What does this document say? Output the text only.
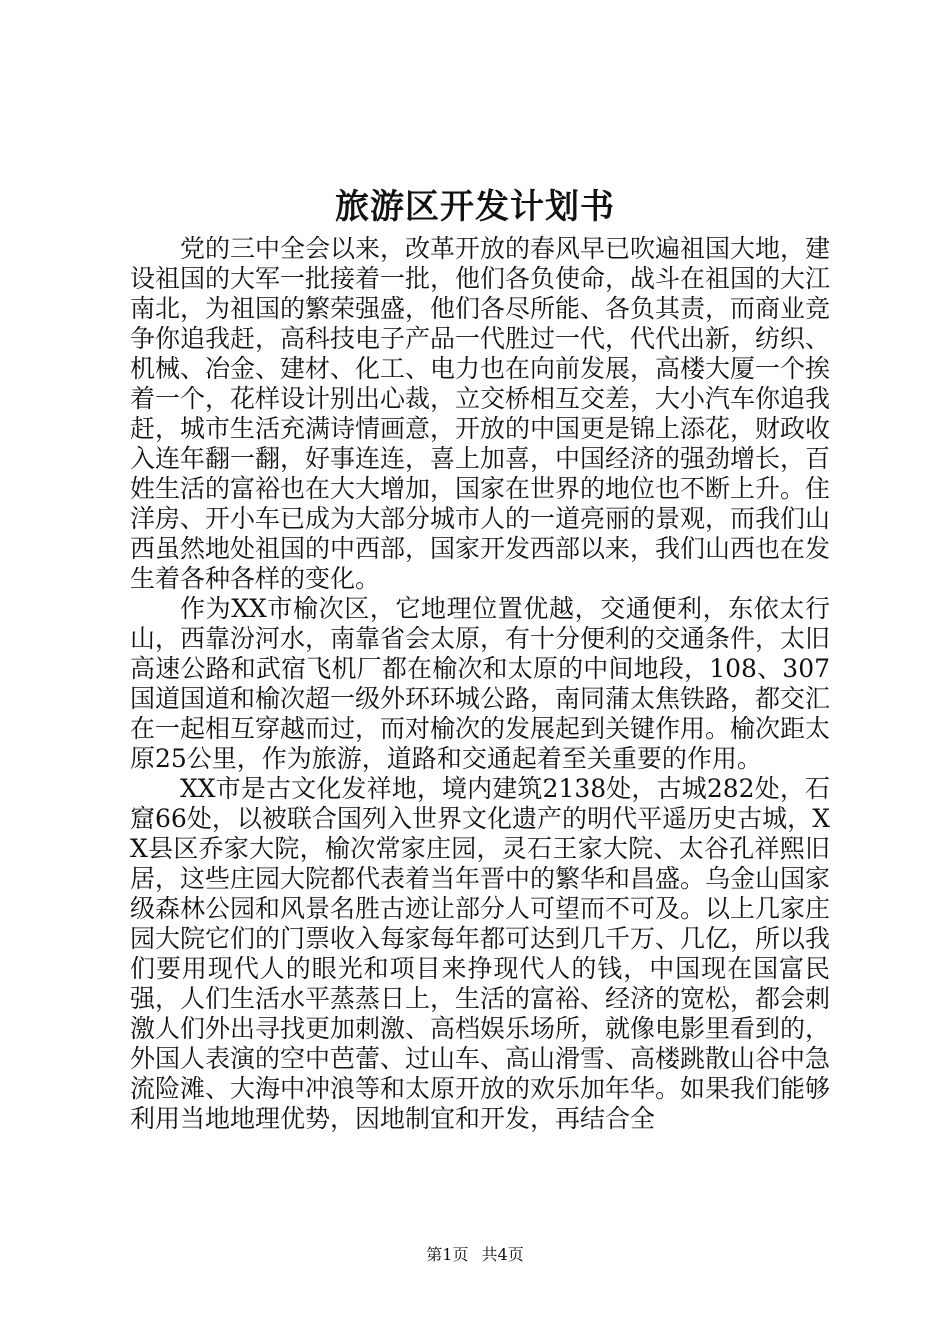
旅游区开发计划书

党的三中全会以来，改革开放的春风早已吹遍祖国大地，建设祖国的大军一批接着一批，他们各负使命，战斗在祖国的大江南北，为祖国的繁荣强盛，他们各尽所能、各负其责，而商业竞争你追我赶，高科技电子产品一代胜过一代，代代出新，纺织、机械、冶金、建材、化工、电力也在向前发展，高楼大厦一个挨着一个，花样设计别出心裁，立交桥相互交差，大小汽车你追我赶，城市生活充满诗情画意，开放的中国更是锦上添花，财政收入连年翻一翻，好事连连，喜上加喜，中国经济的强劲增长，百姓生活的富裕也在大大增加，国家在世界的地位也不断上升。住洋房、开小车已成为大部分城市人的一道亮丽的景观，而我们山西虽然地处祖国的中西部，国家开发西部以来，我们山西也在发生着各种各样的变化。

作为XX市榆次区，它地理位置优越，交通便利，东依太行山，西靠汾河水，南靠省会太原，有十分便利的交通条件，太旧高速公路和武宿飞机厂都在榆次和太原的中间地段，108、307国道国道和榆次超一级外环环城公路，南同蒲太焦铁路，都交汇在一起相互穿越而过，而对榆次的发展起到关键作用。榆次距太原25公里，作为旅游，道路和交通起着至关重要的作用。

XX市是古文化发祥地，境内建筑2138处，古城282处，石窟66处，以被联合国列入世界文化遗产的明代平遥历史古城，XX县区乔家大院，榆次常家庄园，灵石王家大院、太谷孔祥熙旧居，这些庄园大院都代表着当年晋中的繁华和昌盛。乌金山国家级森林公园和风景名胜古迹让部分人可望而不可及。以上几家庄园大院它们的门票收入每家每年都可达到几千万、几亿，所以我们要用现代人的眼光和项目来挣现代人的钱，中国现在国富民强，人们生活水平蒸蒸日上，生活的富裕、经济的宽松，都会刺激人们外出寻找更加刺激、高档娱乐场所，就像电影里看到的，外国人表演的空中芭蕾、过山车、高山滑雪、高楼跳散山谷中急流险滩、大海中冲浪等和太原开放的欢乐加年华。如果我们能够利用当地地理优势，因地制宜和开发，再结合全

第1页 共4页
